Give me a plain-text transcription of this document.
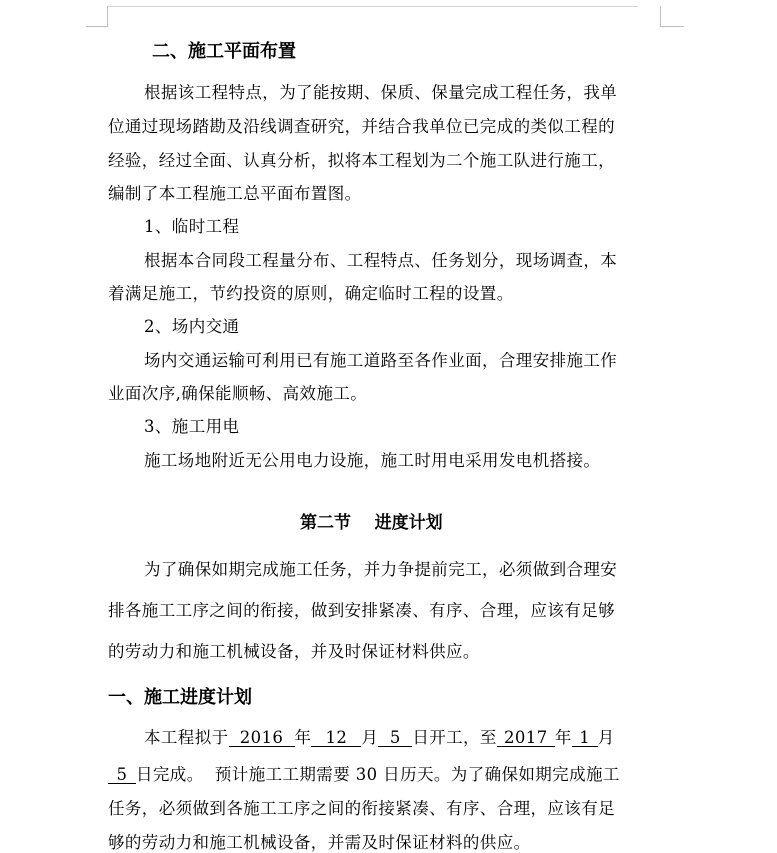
二、施工平面布置
根据该工程特点，为了能按期、保质、保量完成工程任务，我单
位通过现场踏勘及沿线调查研究，并结合我单位已完成的类似工程的
经验，经过全面、认真分析，拟将本工程划为二个施工队进行施工，
编制了本工程施工总平面布置图。
1、临时工程
根据本合同段工程量分布、工程特点、任务划分，现场调查，本
着满足施工，节约投资的原则，确定临时工程的设置。
2、场内交通
场内交通运输可利用已有施工道路至各作业面，合理安排施工作
业面次序,确保能顺畅、高效施工。
3、施工用电
施工场地附近无公用电力设施，施工时用电采用发电机搭接。
第二节    进度计划
为了确保如期完成施工任务，并力争提前完工，必须做到合理安
排各施工工序之间的衔接，做到安排紧凑、有序、合理，应该有足够
的劳动力和施工机械设备，并及时保证材料供应。
一、施工进度计划
本工程拟于 2016 年 12 月 5 日开工，至 2017 年 1 月
5 日完成。  预计施工工期需要 30 日历天。为了确保如期完成施工
任务，必须做到各施工工序之间的衔接紧凑、有序、合理，应该有足
够的劳动力和施工机械设备，并需及时保证材料的供应。
